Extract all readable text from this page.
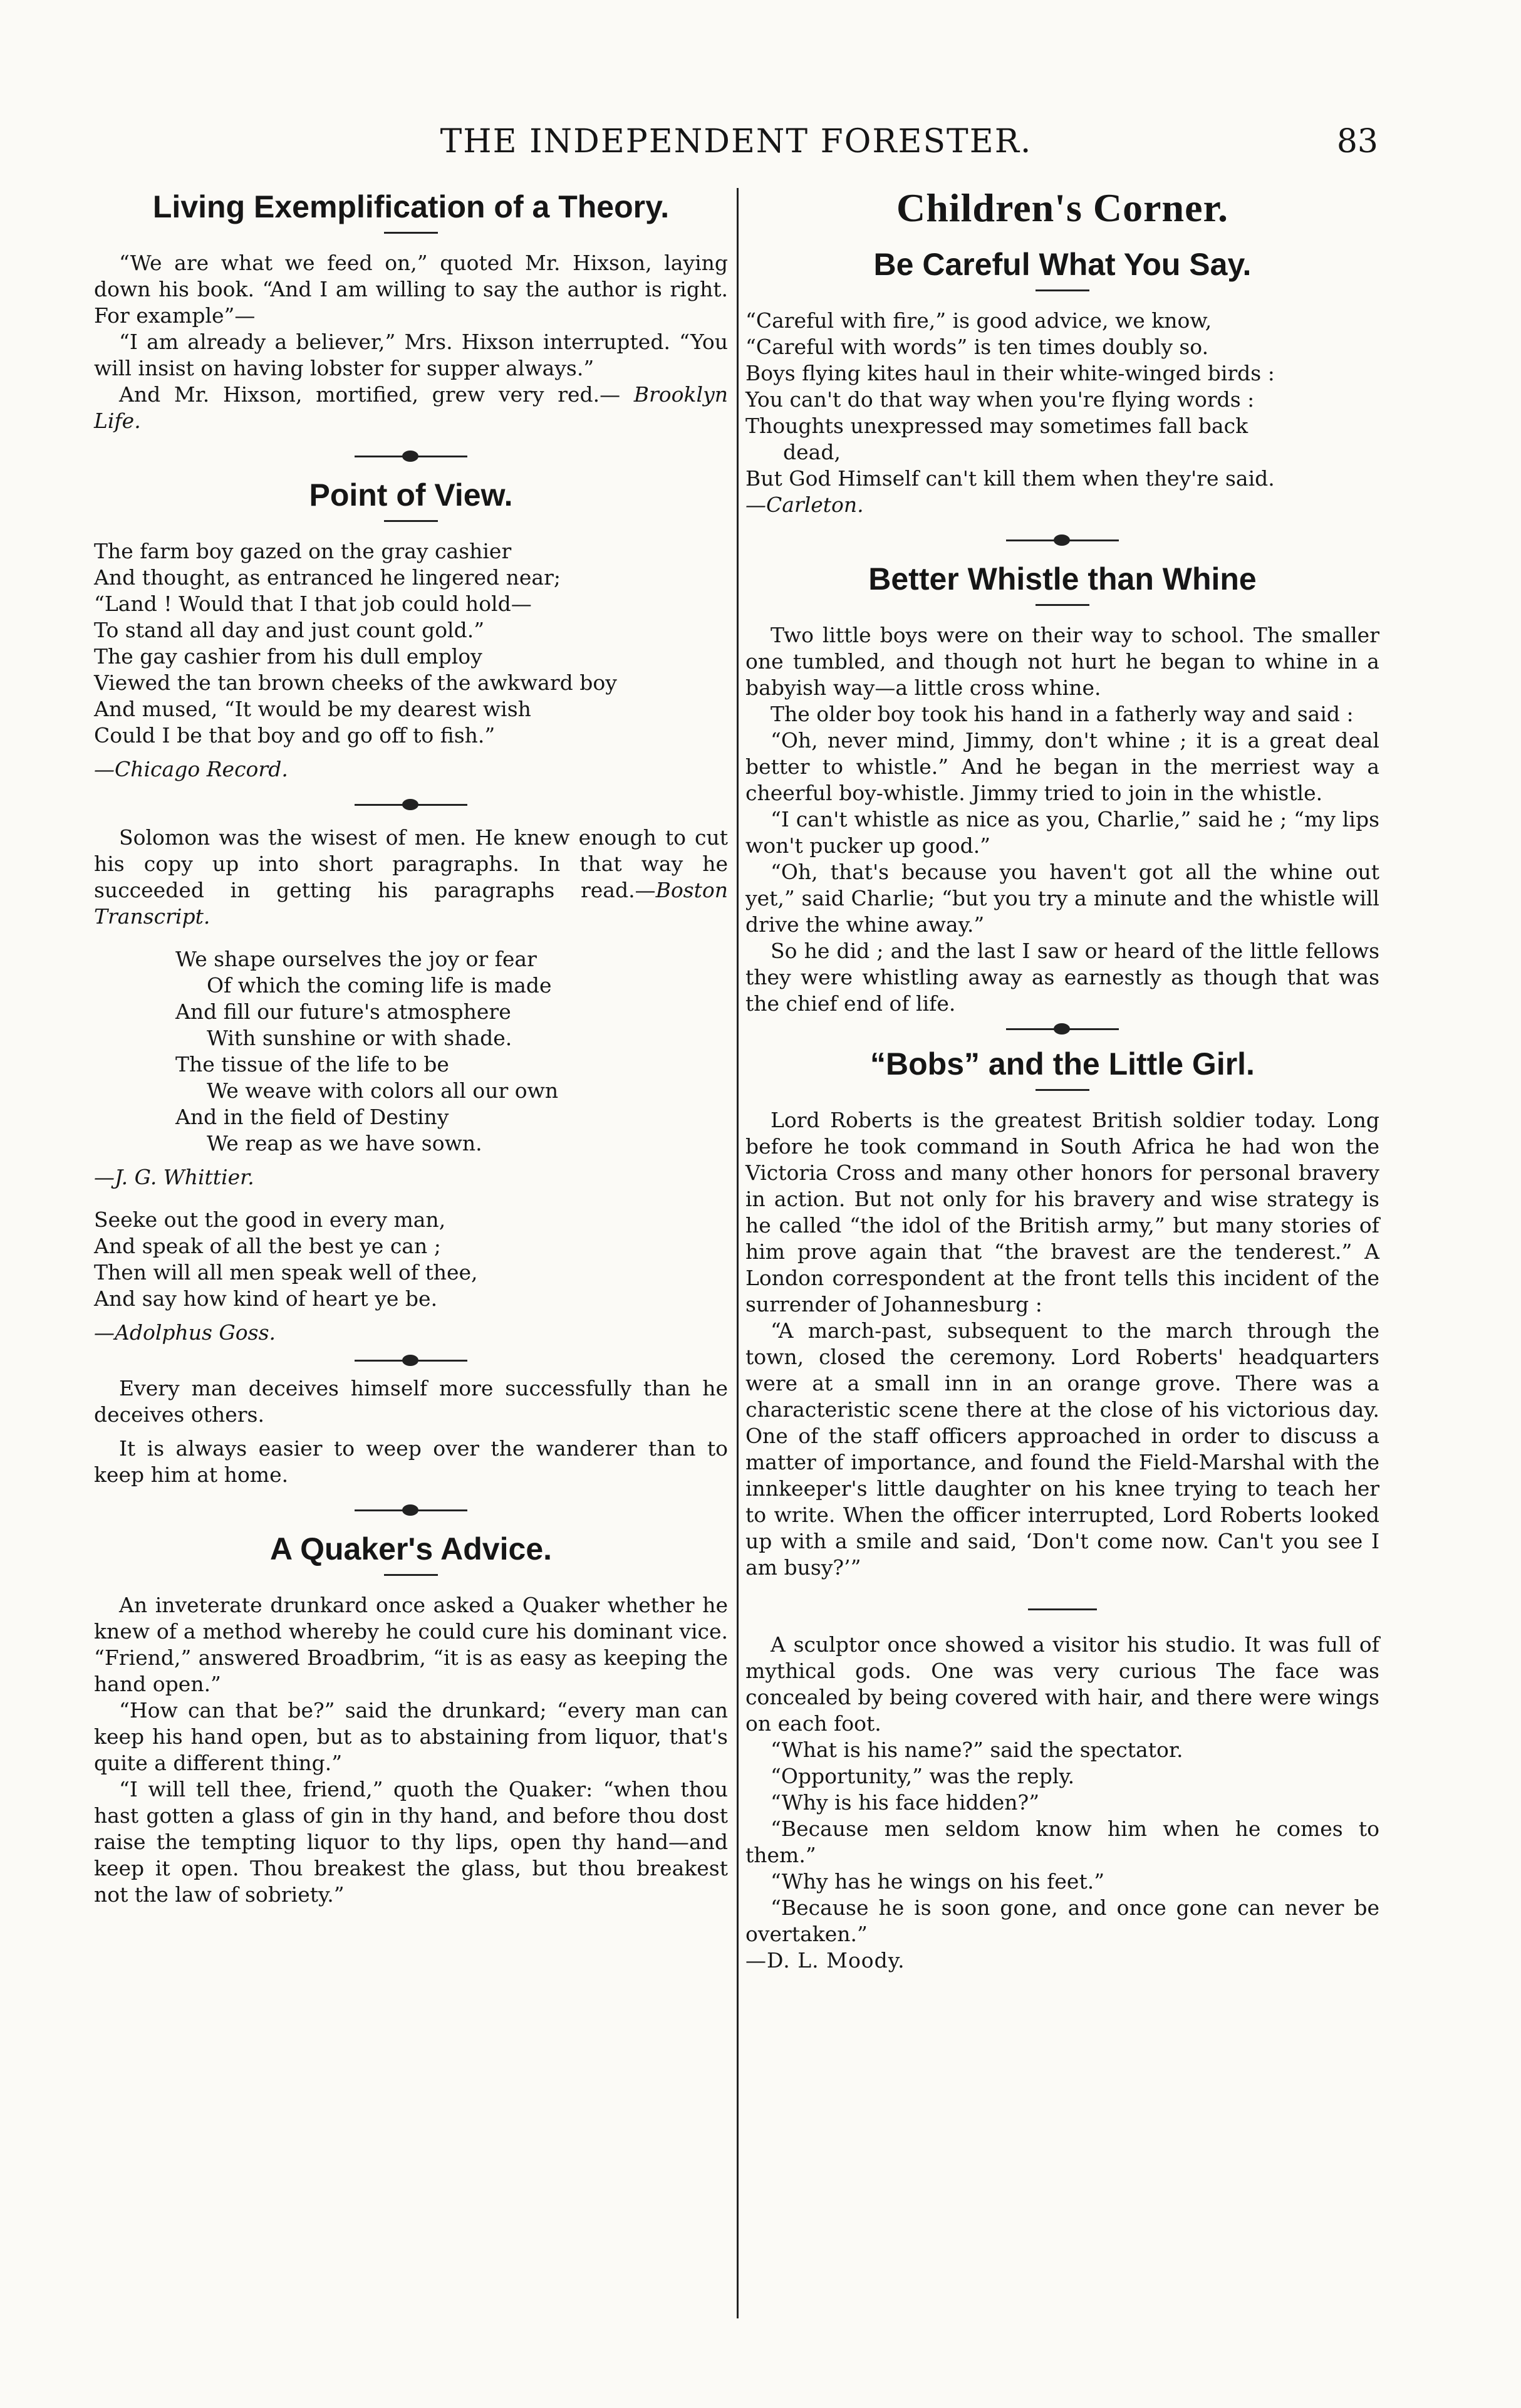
THE INDEPENDENT FORESTER.	83
Living Exemplification of a Theory.

“We are what we feed on,” quoted Mr. Hixson, laying down his book. “And I am willing to say the author is right. For example”—

“I am already a believer,” Mrs. Hixson interrupted. “You will insist on having lobster for supper always.”

And Mr. Hixson, mortified, grew very red.— Brooklyn Life.

Point of View.

The farm boy gazed on the gray cashier

And thought, as entranced he lingered near;

“Land ! Would that I that job could hold—

To stand all day and just count gold.”

The gay cashier from his dull employ

Viewed the tan brown cheeks of the awkward boy

And mused, “It would be my dearest wish

Could I be that boy and go off to fish.”

—Chicago Record.

Solomon was the wisest of men. He knew enough to cut his copy up into short paragraphs. In that way he succeeded in getting his paragraphs read.—Boston Transcript.

We shape ourselves the joy or fear

Of which the coming life is made

And fill our future's atmosphere

With sunshine or with shade.

The tissue of the life to be

We weave with colors all our own

And in the field of Destiny

We reap as we have sown.

—J. G. Whittier.

Seeke out the good in every man,

And speak of all the best ye can ;

Then will all men speak well of thee,

And say how kind of heart ye be.

—Adolphus Goss.

Every man deceives himself more successfully than he deceives others.

It is always easier to weep over the wanderer than to keep him at home.

A Quaker's Advice.

An inveterate drunkard once asked a Quaker whether he knew of a method whereby he could cure his dominant vice. “Friend,” answered Broadbrim, “it is as easy as keeping the hand open.”

“How can that be?” said the drunkard; “every man can keep his hand open, but as to abstaining from liquor, that's quite a different thing.”

“I will tell thee, friend,” quoth the Quaker: “when thou hast gotten a glass of gin in thy hand, and before thou dost raise the tempting liquor to thy lips, open thy hand—and keep it open. Thou breakest the glass, but thou breakest not the law of sobriety.”

Children's Corner.
Be Careful What You Say.

“Careful with fire,” is good advice, we know,

“Careful with words” is ten times doubly so.

Boys flying kites haul in their white-winged birds :

You can't do that way when you're flying words :

Thoughts unexpressed may sometimes fall back

dead,

But God Himself can't kill them when they're said.

—Carleton.

Better Whistle than Whine

Two little boys were on their way to school. The smaller one tumbled, and though not hurt he began to whine in a babyish way—a little cross whine.

The older boy took his hand in a fatherly way and said :

“Oh, never mind, Jimmy, don't whine ; it is a great deal better to whistle.” And he began in the merriest way a cheerful boy-whistle. Jimmy tried to join in the whistle.

“I can't whistle as nice as you, Charlie,” said he ; “my lips won't pucker up good.”

“Oh, that's because you haven't got all the whine out yet,” said Charlie; “but you try a minute and the whistle will drive the whine away.”

So he did ; and the last I saw or heard of the little fellows they were whistling away as earnestly as though that was the chief end of life.

“Bobs” and the Little Girl.

Lord Roberts is the greatest British soldier today. Long before he took command in South Africa he had won the Victoria Cross and many other honors for personal bravery in action. But not only for his bravery and wise strategy is he called “the idol of the British army,” but many stories of him prove again that “the bravest are the tenderest.” A London correspondent at the front tells this incident of the surrender of Johannesburg :

“A march-past, subsequent to the march through the town, closed the ceremony. Lord Roberts' headquarters were at a small inn in an orange grove. There was a characteristic scene there at the close of his victorious day. One of the staff officers approached in order to discuss a matter of importance, and found the Field-Marshal with the innkeeper's little daughter on his knee trying to teach her to write. When the officer interrupted, Lord Roberts looked up with a smile and said, ‘Don't come now. Can't you see I am busy?’”

A sculptor once showed a visitor his studio. It was full of mythical gods. One was very curious The face was concealed by being covered with hair, and there were wings on each foot.

“What is his name?” said the spectator.

“Opportunity,” was the reply.

“Why is his face hidden?”

“Because men seldom know him when he comes to them.”

“Why has he wings on his feet.”

“Because he is soon gone, and once gone can never be overtaken.”

—D. L. Moody.
